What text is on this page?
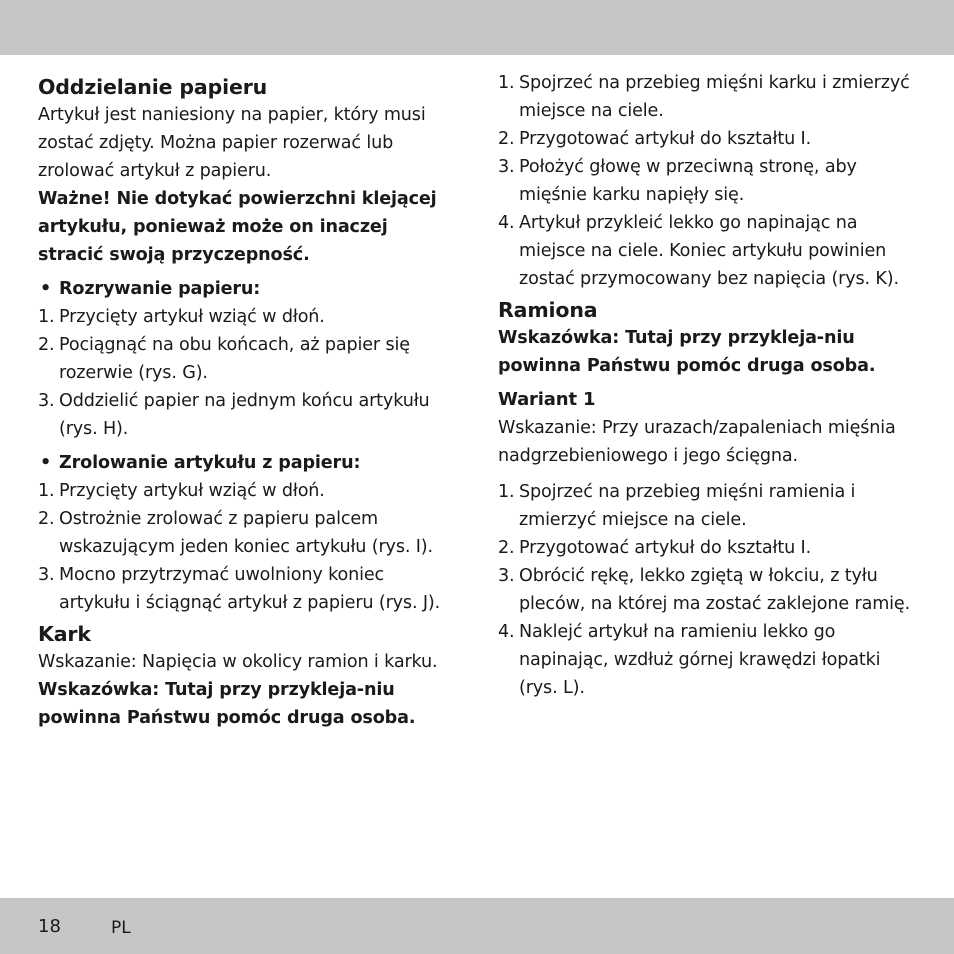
Oddzielanie papieru

Artykuł jest naniesiony na papier, który musi zostać zdjęty. Można papier rozerwać lub zrolować artykuł z papieru.

Ważne! Nie dotykać powierzchni klejącej artykułu, ponieważ może on inaczej stracić swoją przyczepność.

• Rozrywanie papieru:
1. Przycięty artykuł wziąć w dłoń.
2. Pociągnąć na obu końcach, aż papier się rozerwie (rys. G).
3. Oddzielić papier na jednym końcu artykułu (rys. H).
• Zrolowanie artykułu z papieru:
1. Przycięty artykuł wziąć w dłoń.
2. Ostrożnie zrolować z papieru palcem wskazującym jeden koniec artykułu (rys. I).
3. Mocno przytrzymać uwolniony koniec artykułu i ściągnąć artykuł z papieru (rys. J).
Kark

Wskazanie: Napięcia w okolicy ramion i karku.

Wskazówka: Tutaj przy przykleja-niu powinna Państwu pomóc druga osoba.

1. Spojrzeć na przebieg mięśni karku i zmierzyć miejsce na ciele.
2. Przygotować artykuł do kształtu I.
3. Położyć głowę w przeciwną stronę, aby mięśnie karku napięły się.
4. Artykuł przykleić lekko go napinając na miejsce na ciele. Koniec artykułu powinien zostać przymocowany bez napięcia (rys. K).
Ramiona

Wskazówka: Tutaj przy przykleja-niu powinna Państwu pomóc druga osoba.

Wariant 1

Wskazanie: Przy urazach/zapaleniach mięśnia nadgrzebieniowego i jego ścięgna.

1. Spojrzeć na przebieg mięśni ramienia i zmierzyć miejsce na ciele.
2. Przygotować artykuł do kształtu I.
3. Obrócić rękę, lekko zgiętą w łokciu, z tyłu pleców, na której ma zostać zaklejone ramię.
4. Naklejć artykuł na ramieniu lekko go napinając, wzdłuż górnej krawędzi łopatki (rys. L).
18	PL
